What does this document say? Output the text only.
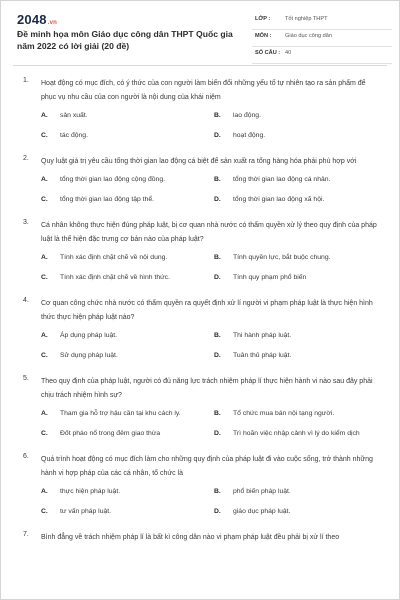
2048.vn
Đề minh họa môn Giáo dục công dân THPT Quốc gia năm 2022 có lời giải (20 đề)
LỚP :	Tốt nghiệp THPT
MÔN : Giáo dục công dân
SỐ CÂU : 40
1. Hoạt động có mục đích, có ý thức của con người làm biến đổi những yếu tố tự nhiên tạo ra sản phẩm để phục vụ nhu cầu của con người là nội dung của khái niệm
A. sản xuất.	B. lao động.
C. tác động.	D. hoạt động.
2. Quy luật giá trị yêu cầu tổng thời gian lao động cá biệt để sản xuất ra tổng hàng hóa phải phù hợp với
A. tổng thời gian lao động cộng đồng.	B. tổng thời gian lao động cá nhân.
C. tổng thời gian lao động tập thể.	D. tổng thời gian lao động xã hội.
3. Cá nhân không thực hiện đúng pháp luật, bị cơ quan nhà nước có thẩm quyền xử lý theo quy định của pháp luật là thể hiện đặc trưng cơ bản nào của pháp luật?
A. Tính xác định chặt chẽ về nội dung.	B. Tính quyền lực, bắt buộc chung.
C. Tính xác định chặt chẽ về hình thức.	D. Tính quy phạm phổ biến
4. Cơ quan công chức nhà nước có thẩm quyền ra quyết định xử lí người vi phạm pháp luật là thực hiện hình thức thực hiện pháp luật nào?
A. Áp dụng pháp luật.	B. Thi hành pháp luật.
C. Sử dụng pháp luật.	D. Tuân thủ pháp luật.
5. Theo quy định của pháp luật, người có đủ năng lực trách nhiệm pháp lí thực hiện hành vi nào sau đây phải chịu trách nhiệm hình sự?
A. Tham gia hỗ trợ hậu cần tại khu cách ly.	B. Tổ chức mua bán nội tạng người.
C. Đốt pháo nổ trong đêm giao thừa	D. Trì hoãn việc nhập cảnh vì lý do kiểm dịch
6. Quá trình hoạt động có mục đích làm cho những quy định của pháp luật đi vào cuộc sống, trở thành những hành vi hợp pháp của các cá nhân, tổ chức là
A. thực hiện pháp luật.	B. phổ biến pháp luật.
C. tư vấn pháp luật.	D. giáo dục pháp luật.
7. Bình đẳng về trách nhiệm pháp lí là bất kì công dân nào vi phạm pháp luật đều phải bị xử lí theo
